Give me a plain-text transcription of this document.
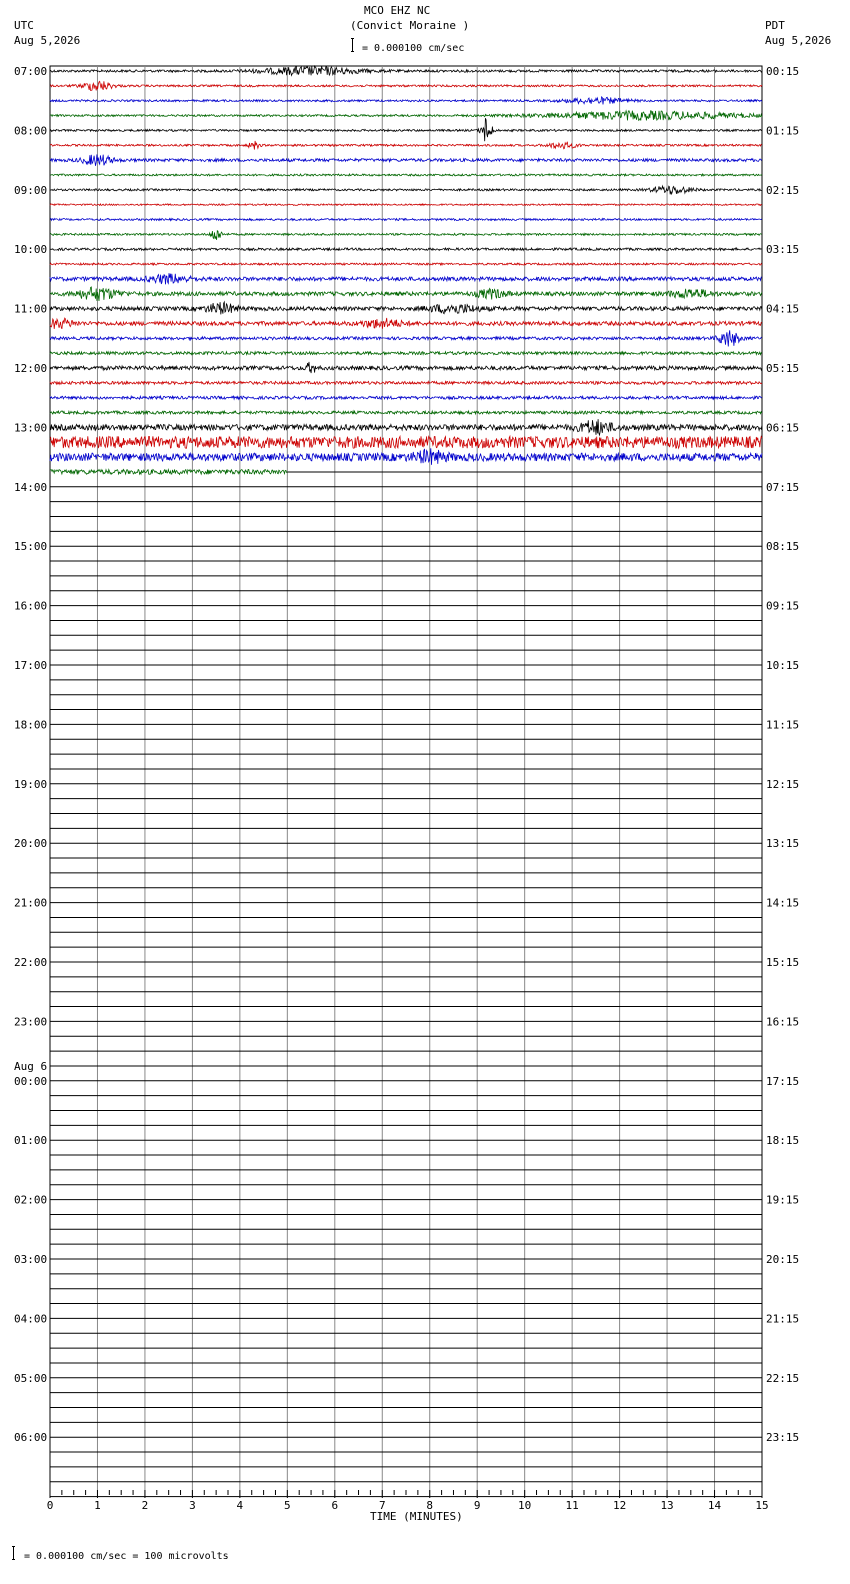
MCO EHZ NC
(Convict Moraine )
UTC
Aug 5,2026
PDT
Aug 5,2026
= 0.000100 cm/sec
07:00
08:00
09:00
10:00
11:00
12:00
13:00
14:00
15:00
16:00
17:00
18:00
19:00
20:00
21:00
22:00
23:00
Aug 6
00:00
01:00
02:00
03:00
04:00
05:00
06:00
00:15
01:15
02:15
03:15
04:15
05:15
06:15
07:15
08:15
09:15
10:15
11:15
12:15
13:15
14:15
15:15
16:15
17:15
18:15
19:15
20:15
21:15
22:15
23:15
0	1	2	3	4	5	6	7	8	9	10	11	12	13	14	15
TIME (MINUTES)
= 0.000100 cm/sec = 100 microvolts
